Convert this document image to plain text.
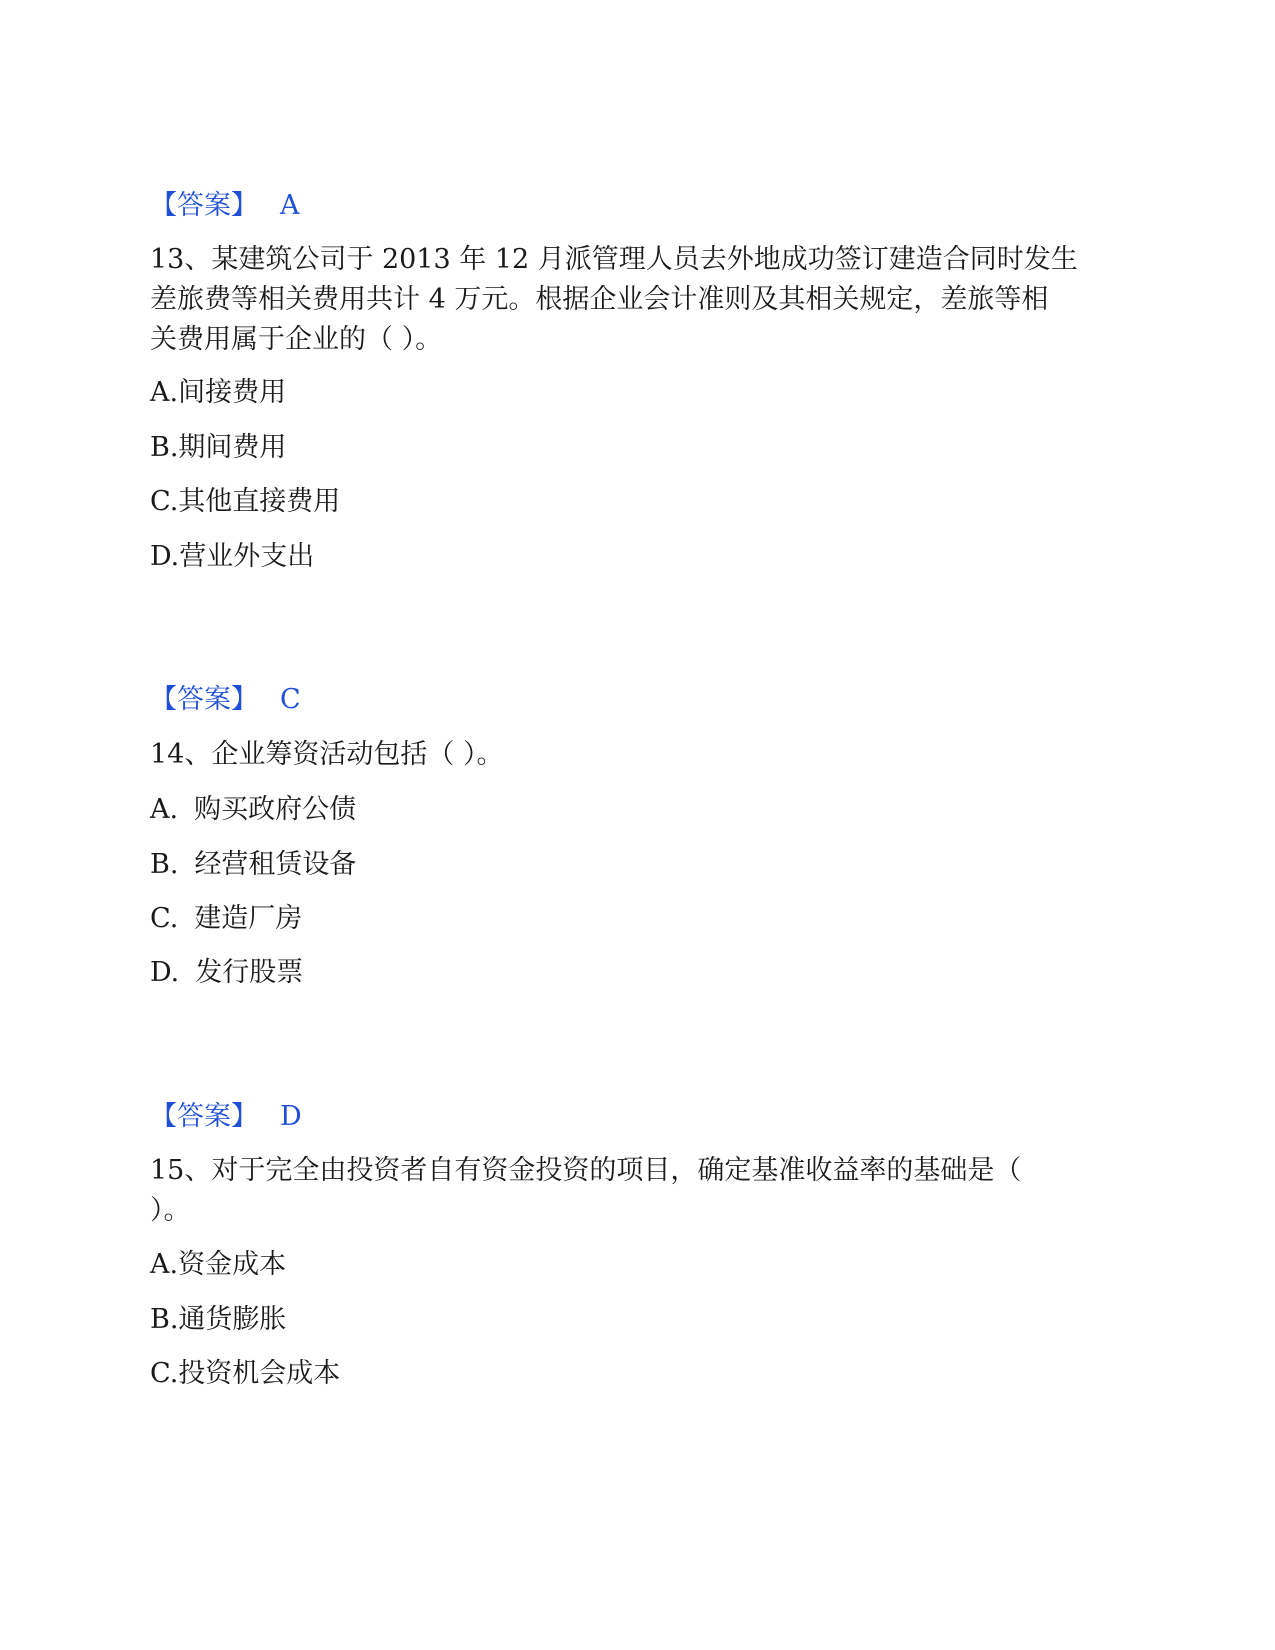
【答案】 A
13、某建筑公司于 2013 年 12 月派管理人员去外地成功签订建造合同时发生
差旅费等相关费用共计 4 万元。根据企业会计准则及其相关规定，差旅等相
关费用属于企业的（ ）。
A.间接费用
B.期间费用
C.其他直接费用
D.营业外支出
【答案】 C
14、企业筹资活动包括（ ）。
A. 购买政府公债
B. 经营租赁设备
C. 建造厂房
D. 发行股票
【答案】 D
15、对于完全由投资者自有资金投资的项目，确定基准收益率的基础是（
）。
A.资金成本
B.通货膨胀
C.投资机会成本
